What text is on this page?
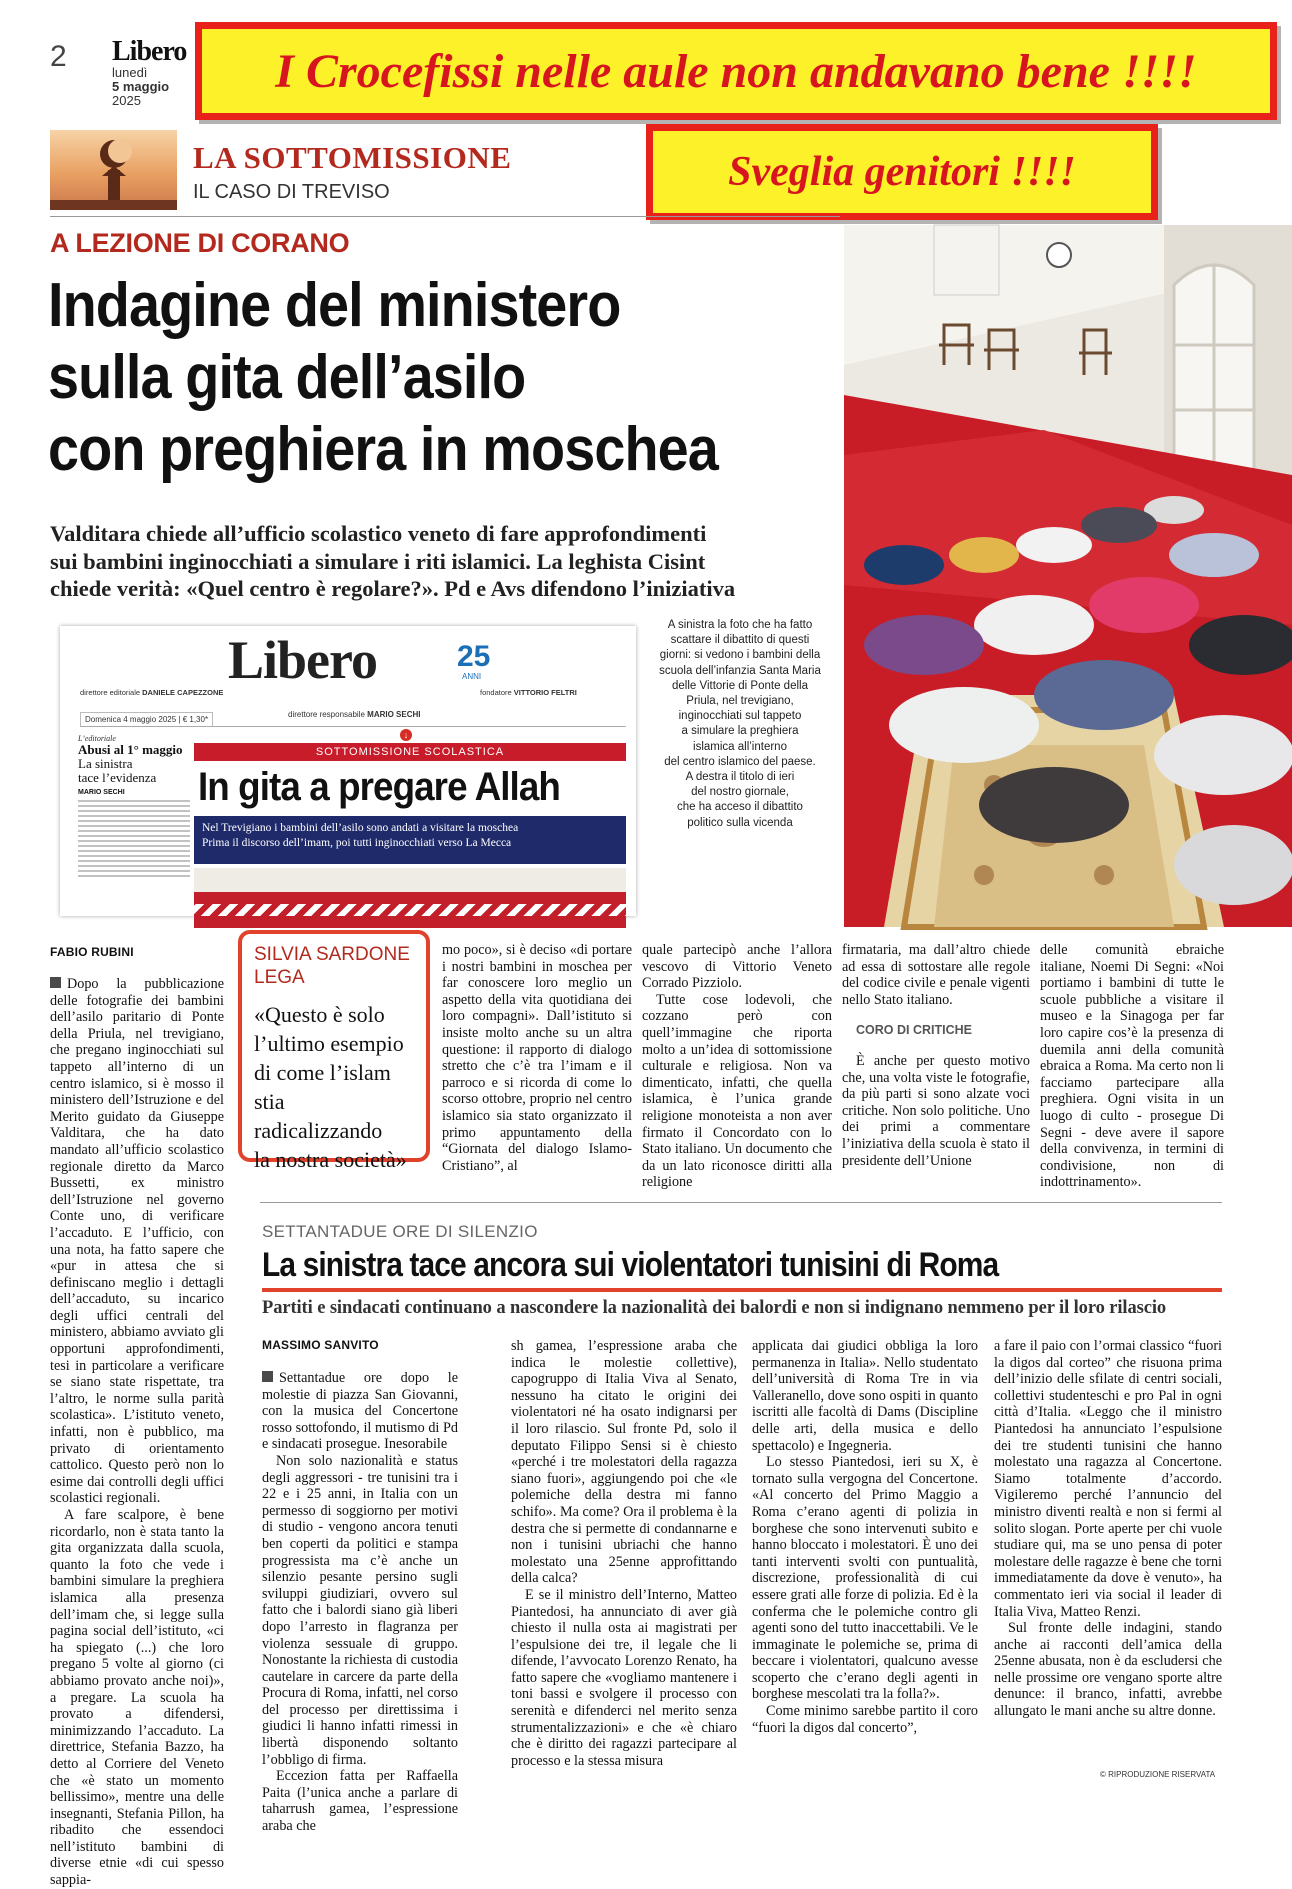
2 Libero
lunedì
5 maggio
2025
I Crocefissi nelle aule non andavano bene !!!!
Sveglia genitori !!!!
LA SOTTOMISSIONE
IL CASO DI TREVISO
A LEZIONE DI CORANO
Indagine del ministero
sulla gita dell’asilo
con preghiera in moschea
Valditara chiede all’ufficio scolastico veneto di fare approfondimenti
sui bambini inginocchiati a simulare i riti islamici. La leghista Cisint
chiede verità: «Quel centro è regolare?». Pd e Avs difendono l’iniziativa
A sinistra la foto che ha fatto
scattare il dibattito di questi
giorni: si vedono i bambini della
scuola dell’infanzia Santa Maria
delle Vittorie di Ponte della
Priula, nel trevigiano,
inginocchiati sul tappeto
a simulare la preghiera
islamica all’interno
del centro islamico del paese.
A destra il titolo di ieri
del nostro giornale,
che ha acceso il dibattito
politico sulla vicenda
Libero	25
ANNI
direttore editoriale DANIELE CAPEZZONE
direttore responsabile MARIO SECHI
fondatore VITTORIO FELTRI
Domenica 4 maggio 2025 | € 1,30*
L’editoriale
Abusi al 1° maggio
La sinistra
tace l’evidenza
MARIO SECHI
↓
SOTTOMISSIONE SCOLASTICA
In gita a pregare Allah
Nel Trevigiano i bambini dell’asilo sono andati a visitare la moschea
Prima il discorso dell’imam, poi tutti inginocchiati verso La Mecca
SILVIA SARDONE
LEGA
«Questo è solo
l’ultimo esempio
di come l’islam
stia radicalizzando
la nostra società»
FABIO RUBINI

Dopo la pubblicazione delle fotografie dei bambini dell’asilo paritario di Ponte della Priula, nel trevigiano, che pregano inginocchiati sul tappeto all’interno di un centro islamico, si è mosso il ministero dell’Istruzione e del Merito guidato da Giuseppe Valditara, che ha dato mandato all’ufficio scolastico regionale diretto da Marco Bussetti, ex ministro dell’Istruzione nel governo Conte uno, di verificare l’accaduto. E l’ufficio, con una nota, ha fatto sapere che «pur in attesa che si definiscano meglio i dettagli dell’accaduto, su incarico degli uffici centrali del ministero, abbiamo avviato gli opportuni approfondimenti, tesi in particolare a verificare se siano state rispettate, tra l’altro, le norme sulla parità scolastica». L’istituto veneto, infatti, non è pubblico, ma privato di orientamento cattolico. Questo però non lo esime dai controlli degli uffici scolastici regionali.

A fare scalpore, è bene ricordarlo, non è stata tanto la gita organizzata dalla scuola, quanto la foto che vede i bambini simulare la preghiera islamica alla presenza dell’imam che, si legge sulla pagina social dell’istituto, «ci ha spiegato (...) che loro pregano 5 volte al giorno (ci abbiamo provato anche noi)», a pregare. La scuola ha provato a difendersi, minimizzando l’accaduto. La direttrice, Stefania Bazzo, ha detto al Corriere del Veneto che «è stato un momento bellissimo», mentre una delle insegnanti, Stefania Pillon, ha ribadito che essendoci nell’istituto bambini di diverse etnie «di cui spesso sappia-

mo poco», si è deciso «di portare i nostri bambini in moschea per far conoscere loro meglio un aspetto della vita quotidiana dei loro compagni». Dall’istituto si insiste molto anche su un altra questione: il rapporto di dialogo stretto che c’è tra l’imam e il parroco e si ricorda di come lo scorso ottobre, proprio nel centro islamico sia stato organizzato il primo appuntamento della “Giornata del dialogo Islamo-Cristiano”, al

quale partecipò anche l’allora vescovo di Vittorio Veneto Corrado Pizziolo.

Tutte cose lodevoli, che cozzano però con quell’immagine che riporta molto a un’idea di sottomissione culturale e religiosa. Non va dimenticato, infatti, che quella islamica, è l’unica grande religione monoteista a non aver firmato il Concordato con lo Stato italiano. Un documento che da un lato riconosce diritti alla religione

firmataria, ma dall’altro chiede ad essa di sottostare alle regole del codice civile e penale vigenti nello Stato italiano.

CORO DI CRITICHE

È anche per questo motivo che, una volta viste le fotografie, da più parti si sono alzate voci critiche. Non solo politiche. Uno dei primi a commentare l’iniziativa della scuola è stato il presidente dell’Unione

delle comunità ebraiche italiane, Noemi Di Segni: «Noi portiamo i bambini di tutte le scuole pubbliche a visitare il museo e la Sinagoga per far loro capire cos’è la presenza di duemila anni della comunità ebraica a Roma. Ma certo non li facciamo partecipare alla preghiera. Ogni visita in un luogo di culto - prosegue Di Segni - deve avere il sapore della convivenza, in termini di condivisione, non di indottrinamento».

SETTANTADUE ORE DI SILENZIO
La sinistra tace ancora sui violentatori tunisini di Roma
Partiti e sindacati continuano a nascondere la nazionalità dei balordi e non si indignano nemmeno per il loro rilascio
MASSIMO SANVITO

Settantadue ore dopo le molestie di piazza San Giovanni, con la musica del Concertone rosso sottofondo, il mutismo di Pd e sindacati prosegue. Inesorabile

Non solo nazionalità e status degli aggressori - tre tunisini tra i 22 e i 25 anni, in Italia con un permesso di soggiorno per motivi di studio - vengono ancora tenuti ben coperti da politici e stampa progressista ma c’è anche un silenzio pesante persino sugli sviluppi giudiziari, ovvero sul fatto che i balordi siano già liberi dopo l’arresto in flagranza per violenza sessuale di gruppo. Nonostante la richiesta di custodia cautelare in carcere da parte della Procura di Roma, infatti, nel corso del processo per direttissima i giudici li hanno infatti rimessi in libertà disponendo soltanto l’obbligo di firma.

Eccezion fatta per Raffaella Paita (l’unica anche a parlare di taharrush gamea, l’espressione araba che

sh gamea, l’espressione araba che indica le molestie collettive), capogruppo di Italia Viva al Senato, nessuno ha citato le origini dei violentatori né ha osato indignarsi per il loro rilascio. Sul fronte Pd, solo il deputato Filippo Sensi si è chiesto «perché i tre molestatori della ragazza siano fuori», aggiungendo poi che «le polemiche della destra mi fanno schifo». Ma come? Ora il problema è la destra che si permette di condannarne e non i tunisini ubriachi che hanno molestato una 25enne approfittando della calca?

E se il ministro dell’Interno, Matteo Piantedosi, ha annunciato di aver già chiesto il nulla osta ai magistrati per l’espulsione dei tre, il legale che li difende, l’avvocato Lorenzo Renato, ha fatto sapere che «vogliamo mantenere i toni bassi e svolgere il processo con serenità e difenderci nel merito senza strumentalizzazioni» e che «è chiaro che è diritto dei ragazzi partecipare al processo e la stessa misura

applicata dai giudici obbliga la loro permanenza in Italia». Nello studentato dell’università di Roma Tre in via Valleranello, dove sono ospiti in quanto iscritti alle facoltà di Dams (Discipline delle arti, della musica e dello spettacolo) e Ingegneria.

Lo stesso Piantedosi, ieri su X, è tornato sulla vergogna del Concertone. «Al concerto del Primo Maggio a Roma c’erano agenti di polizia in borghese che sono intervenuti subito e hanno bloccato i molestatori. È uno dei tanti interventi svolti con puntualità, discrezione, professionalità di cui essere grati alle forze di polizia. Ed è la conferma che le polemiche contro gli agenti sono del tutto inaccettabili. Ve le immaginate le polemiche se, prima di beccare i violentatori, qualcuno avesse scoperto che c’erano degli agenti in borghese mescolati tra la folla?».

Come minimo sarebbe partito il coro “fuori la digos dal concerto”,

a fare il paio con l’ormai classico “fuori la digos dal corteo” che risuona prima dell’inizio delle sfilate di centri sociali, collettivi studenteschi e pro Pal in ogni città d’Italia. «Leggo che il ministro Piantedosi ha annunciato l’espulsione dei tre studenti tunisini che hanno molestato una ragazza al Concertone. Siamo totalmente d’accordo. Vigileremo perché l’annuncio del ministro diventi realtà e non si fermi al solito slogan. Porte aperte per chi vuole studiare qui, ma se uno pensa di poter molestare delle ragazze è bene che torni immediatamente da dove è venuto», ha commentato ieri via social il leader di Italia Viva, Matteo Renzi.

Sul fronte delle indagini, stando anche ai racconti dell’amica della 25enne abusata, non è da escludersi che nelle prossime ore vengano sporte altre denunce: il branco, infatti, avrebbe allungato le mani anche su altre donne.

© RIPRODUZIONE RISERVATA
